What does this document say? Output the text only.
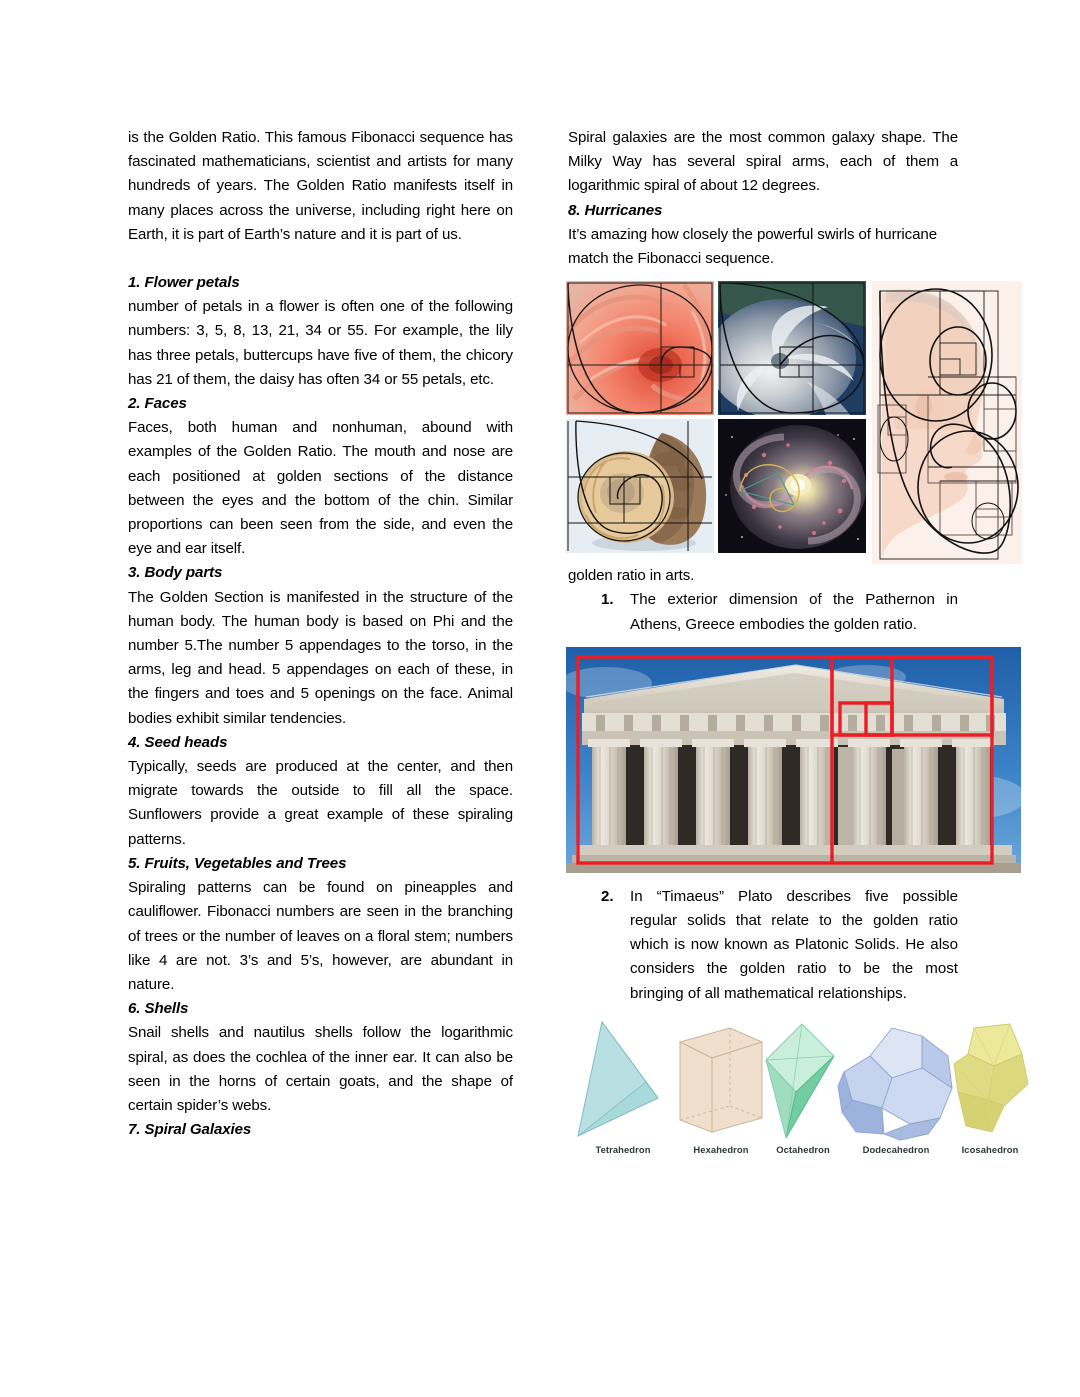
is the Golden Ratio. This famous Fibonacci sequence has fascinated mathematicians, scientist and artists for many hundreds of years. The Golden Ratio manifests itself in many places across the universe, including right here on Earth, it is part of Earth’s nature and it is part of us.

1. Flower petals

number of petals in a flower is often one of the following numbers: 3, 5, 8, 13, 21, 34 or 55. For example, the lily has three petals, buttercups have five of them, the chicory has 21 of them, the daisy has often 34 or 55 petals, etc.

2. Faces

Faces, both human and nonhuman, abound with examples of the Golden Ratio. The mouth and nose are each positioned at golden sections of the distance between the eyes and the bottom of the chin. Similar proportions can been seen from the side, and even the eye and ear itself.

3. Body parts

The Golden Section is manifested in the structure of the human body. The human body is based on Phi and the number 5.The number 5 appendages to the torso, in the arms, leg and head. 5 appendages on each of these, in the fingers and toes and 5 openings on the face. Animal bodies exhibit similar tendencies.

4. Seed heads

Typically, seeds are produced at the center, and then migrate towards the outside to fill all the space. Sunflowers provide a great example of these spiraling patterns.

5. Fruits, Vegetables and Trees

Spiraling patterns can be found on pineapples and cauliflower. Fibonacci numbers are seen in the branching of trees or the number of leaves on a floral stem; numbers like 4 are not. 3’s and 5’s, however, are abundant in nature.

6. Shells

Snail shells and nautilus shells follow the logarithmic spiral, as does the cochlea of the inner ear. It can also be seen in the horns of certain goats, and the shape of certain spider’s webs.

7. Spiral Galaxies

Spiral galaxies are the most common galaxy shape. The Milky Way has several spiral arms, each of them a logarithmic spiral of about 12 degrees.

8. Hurricanes

It’s amazing how closely the powerful swirls of hurricane match the Fibonacci sequence.

golden ratio in arts.

1. The exterior dimension of the Pathernon in Athens, Greece embodies the golden ratio.
2. In “Timaeus” Plato describes five possible regular solids that relate to the golden ratio which is now known as Platonic Solids. He also considers the golden ratio to be the most bringing of all mathematical relationships.
Tetrahedron	Hexahedron	Octahedron	Dodecahedron	Icosahedron
